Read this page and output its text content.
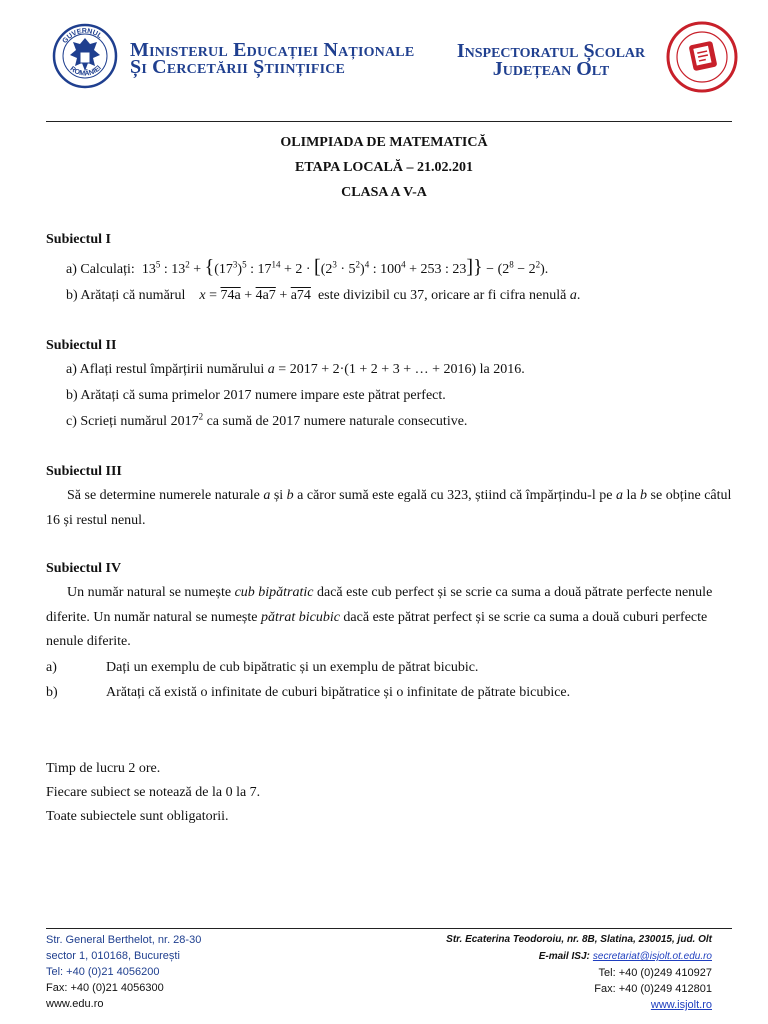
GUVERNUL
ROMÂNIEI
Ministerul Educației Naționale
Și Cercetării Științifice
Inspectoratul Școlar
Județean Olt
OLIMPIADA DE MATEMATICĂ
ETAPA LOCALĂ – 21.02.201
CLASA A V-A
Subiectul I
a) Calculați:  $13^5$ : $13^2 + \{(17^3)^5$ : $17^{14} + 2 \cdot [(2^3 \cdot 5^2)^4$ : $100^4 + 253$ : $23]\} - (2^8 - 2^2)$.
b) Arătați că numărul x = 74a + 4a7 + a74 este divizibil cu 37, oricare ar fi cifra nenulă a.
Subiectul II
a) Aflați restul împărțirii numărului a = 2017 + 2·(1 + 2 + 3 + … + 2016) la 2016.
b) Arătați că suma primelor 2017 numere impare este pătrat perfect.
c) Scrieți numărul 2017$^2$ ca sumă de 2017 numere naturale consecutive.
Subiectul III
Să se determine numerele naturale a și b a căror sumă este egală cu 323, știind că împărțindu-l pe a la b se obține câtul 16 și restul nenul.
Subiectul IV
Un număr natural se numește cub bipătratic dacă este cub perfect și se scrie ca suma a două pătrate perfecte nenule diferite. Un număr natural se numește pătrat bicubic dacă este pătrat perfect și se scrie ca suma a două cuburi perfecte nenule diferite.
a)	Dați un exemplu de cub bipătratic și un exemplu de pătrat bicubic.
b)	Arătați că există o infinitate de cuburi bipătratice și o infinitate de pătrate bicubice.
Timp de lucru 2 ore.
Fiecare subiect se notează de la 0 la 7.
Toate subiectele sunt obligatorii.
Str. General Berthelot, nr. 28-30
sector 1, 010168, București
Tel: +40 (0)21 4056200
Fax: +40 (0)21 4056300
www.edu.ro
Str. Ecaterina Teodoroiu, nr. 8B, Slatina, 230015, jud. Olt
E-mail ISJ: secretariat@isjolt.ot.edu.ro
Tel: +40 (0)249 410927
Fax: +40 (0)249 412801
www.isjolt.ro
